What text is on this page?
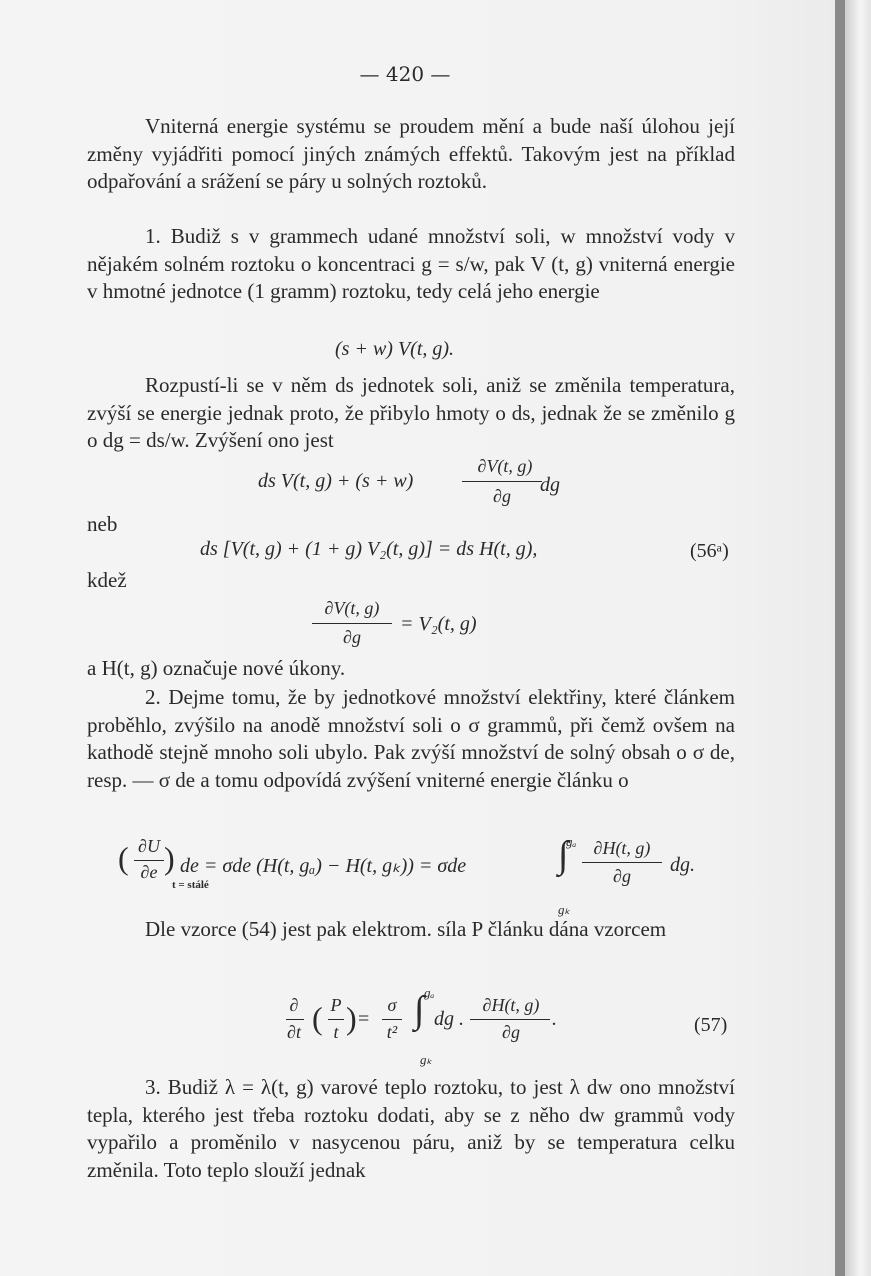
— 420 —
Vniterná energie systému se proudem mění a bude naší úlohou její změny vyjádřiti pomocí jiných známých effektů. Takovým jest na příklad odpařování a srážení se páry u solných roztoků.
1. Budiž s v grammech udané množství soli, w množství vody v nějakém solném roztoku o koncentraci g = s/w, pak V (t, g) vniterná energie v hmotné jednotce (1 gramm) roztoku, tedy celá jeho energie
(s + w) V(t, g).
Rozpustí-li se v něm ds jednotek soli, aniž se změnila temperatura, zvýší se energie jednak proto, že přibylo hmoty o ds, jednak že se změnilo g o dg = ds/w. Zvýšení ono jest
ds V(t, g) + (s + w)
∂V(t, g)
∂g	dg
neb
ds [V(t, g) + (1 + g) V₂(t, g)] = ds H(t, g),	(56ᵃ)
kdež
∂V(t, g)
∂g
= V₂(t, g)
a H(t, g) označuje nové úkony.
2. Dejme tomu, že by jednotkové množství elektřiny, které článkem proběhlo, zvýšilo na anodě množství soli o σ grammů, při čemž ovšem na kathodě stejně mnoho soli ubylo. Pak zvýší množství de solný obsah o σ de, resp. — σ de a tomu odpovídá zvýšení vniterné energie článku o
( ∂U
∂e )
t = stálé
de = σde (H(t, gₐ) − H(t, gₖ)) = σde ∫
gₐ
gₖ
∂H(t, g)
∂g	dg.
Dle vzorce (54) jest pak elektrom. síla P článku dána vzorcem
∂
∂t ( P
t ) =
σ
t²
∫ gₐ
gₖ
dg .
∂H(t, g)
∂g
.	(57)
3. Budiž λ = λ(t, g) varové teplo roztoku, to jest λ dw ono množství tepla, kterého jest třeba roztoku dodati, aby se z něho dw grammů vody vypařilo a proměnilo v nasycenou páru, aniž by se temperatura celku změnila. Toto teplo slouží jednak
